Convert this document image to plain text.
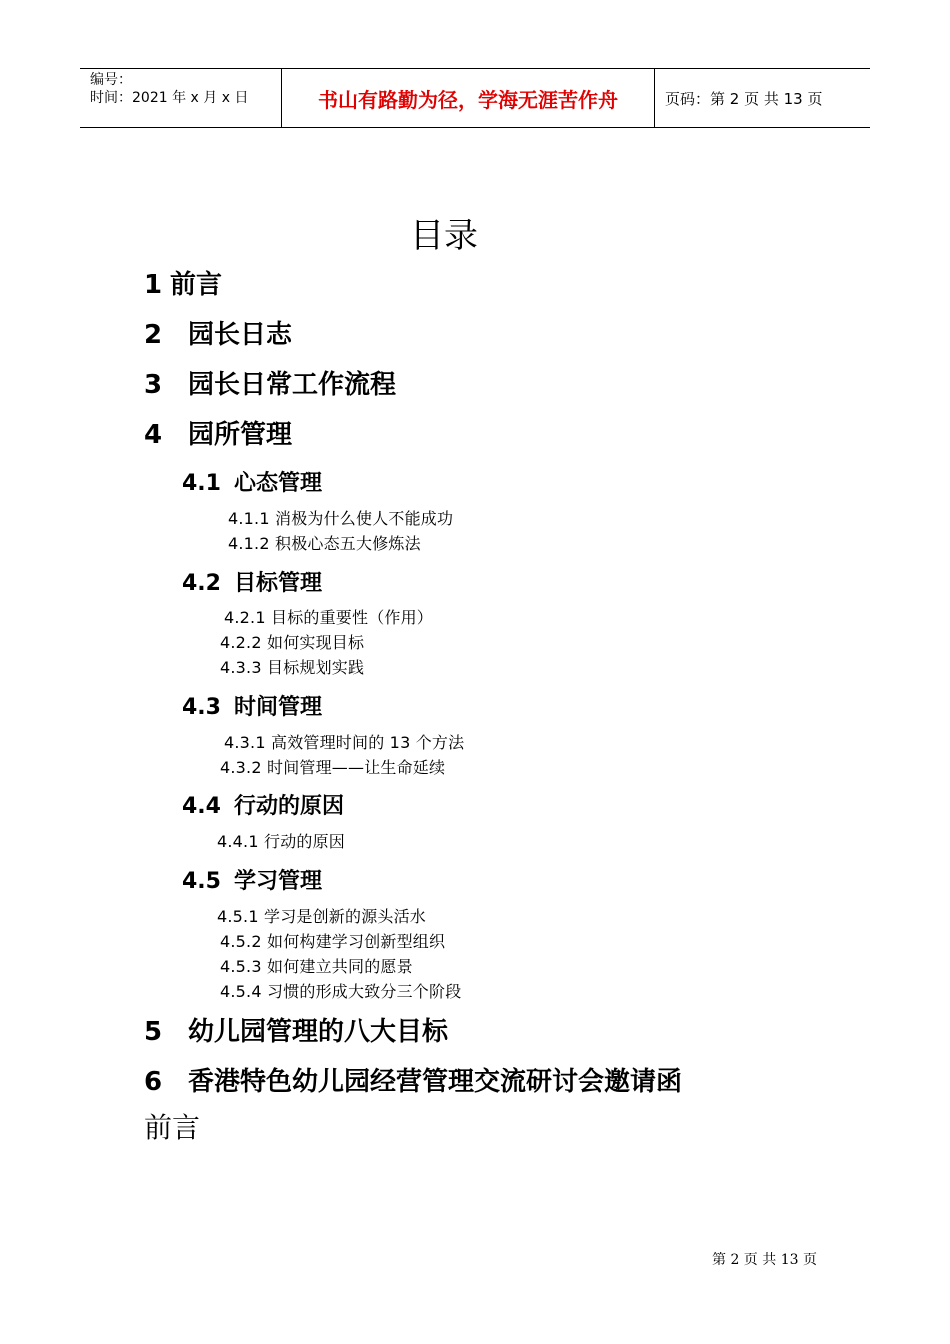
编号：
时间：2021 年 x 月 x 日	书山有路勤为径，学海无涯苦作舟	页码：第 2 页 共 13 页
目录
1 前言
2 园长日志
3 园长日常工作流程
4 园所管理
4.1 心态管理
4.1.1 消极为什么使人不能成功
4.1.2 积极心态五大修炼法
4.2 目标管理
4.2.1 目标的重要性（作用）
4.2.2 如何实现目标
4.3.3 目标规划实践
4.3 时间管理
4.3.1 高效管理时间的 13 个方法
4.3.2 时间管理——让生命延续
4.4 行动的原因
4.4.1 行动的原因
4.5 学习管理
4.5.1 学习是创新的源头活水
4.5.2 如何构建学习创新型组织
4.5.3 如何建立共同的愿景
4.5.4 习惯的形成大致分三个阶段
5 幼儿园管理的八大目标
6 香港特色幼儿园经营管理交流研讨会邀请函
前言
第 2 页 共 13 页
